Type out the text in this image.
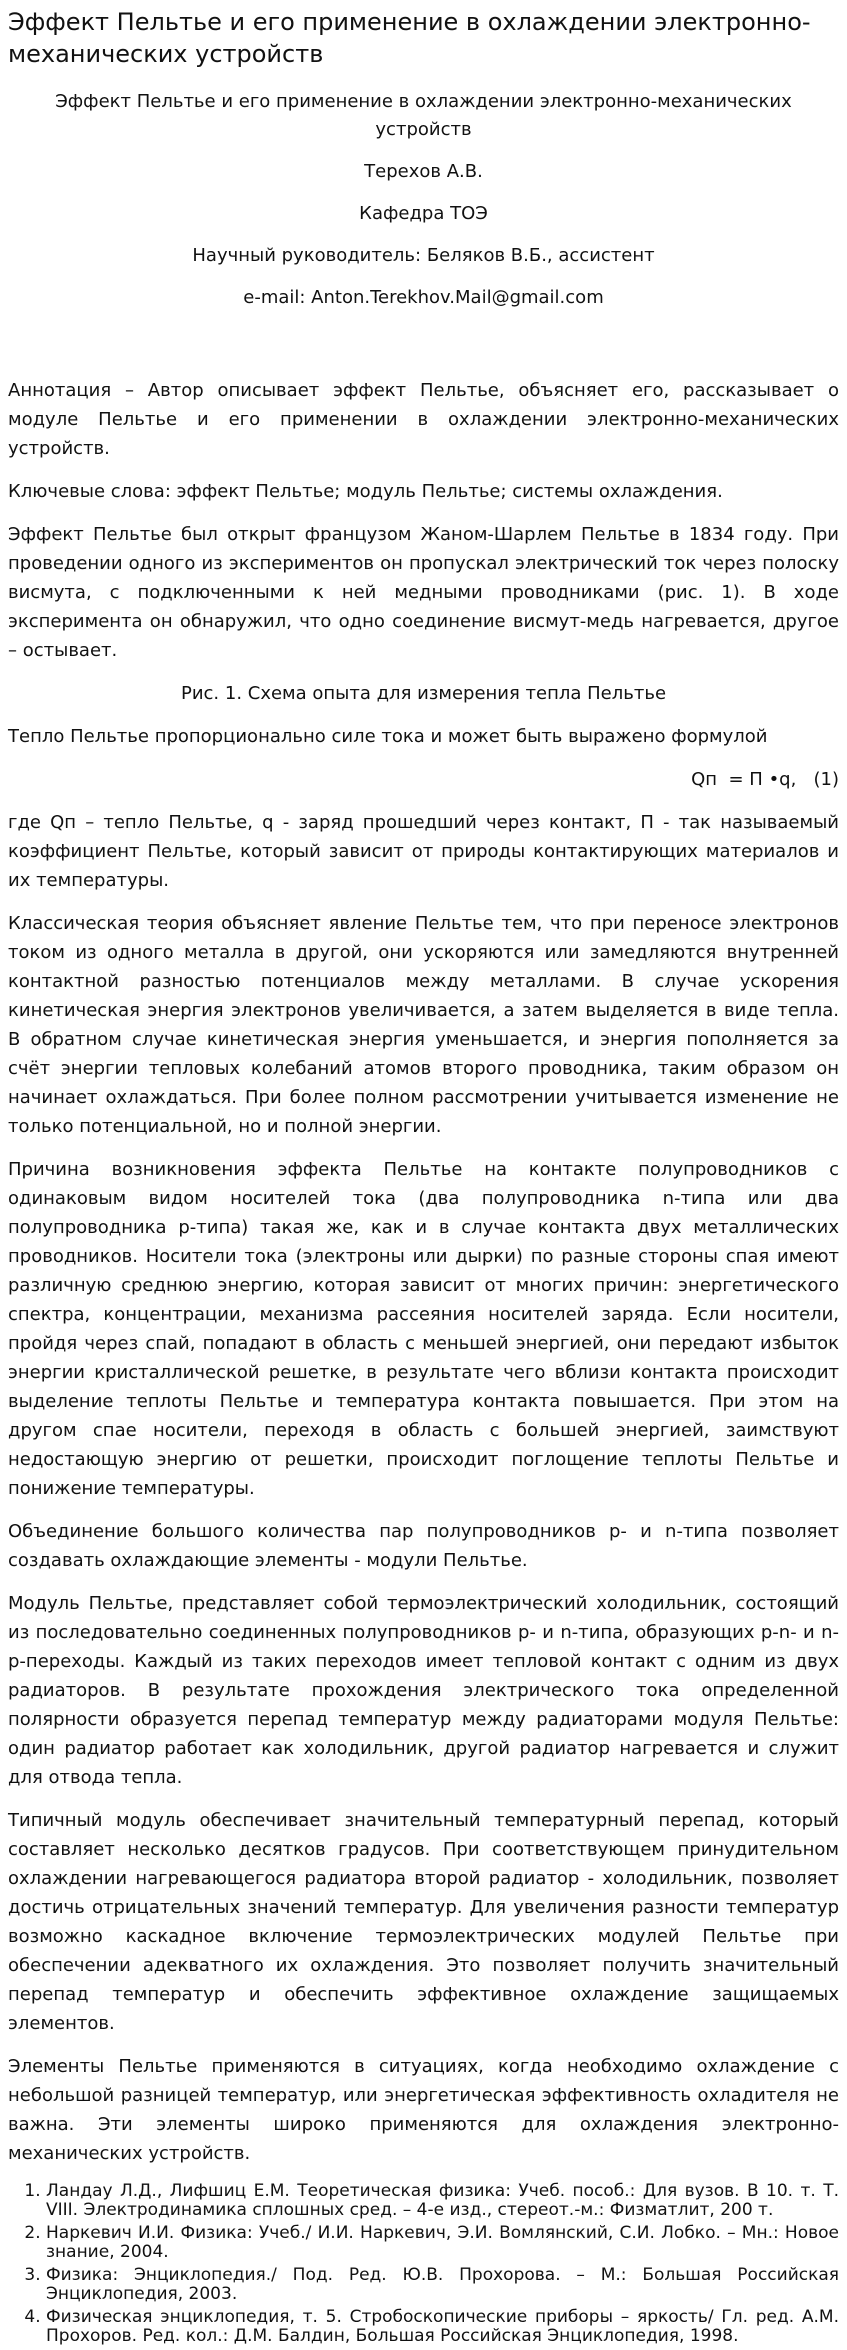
Эффект Пельтье и его применение в охлаждении электронно-механических устройств
Эффект Пельтье и его применение в охлаждении электронно-механических устройств
Терехов А.В.
Кафедра ТОЭ
Научный руководитель: Беляков В.Б., ассистент
e-mail: Anton.Terekhov.Mail@gmail.com

Аннотация – Автор описывает эффект Пельтье, объясняет его, рассказывает о модуле Пельтье и его применении в охлаждении электронно-механических устройств.

Ключевые слова: эффект Пельтье; модуль Пельтье; системы охлаждения.

Эффект Пельтье был открыт французом Жаном-Шарлем Пельтье в 1834 году. При проведении одного из экспериментов он пропускал электрический ток через полоску висмута, с подключенными к ней медными проводниками (рис. 1). В ходе эксперимента он обнаружил, что одно соединение висмут-медь нагревается, другое – остывает.

Рис. 1. Схема опыта для измерения тепла Пельтье

Тепло Пельтье пропорционально силе тока и может быть выражено формулой

Qп  = П •q,   (1)

где Qп – тепло Пельтье, q - заряд прошедший через контакт, П - так называемый коэффициент Пельтье, который зависит от природы контактирующих материалов и их температуры.

Классическая теория объясняет явление Пельтье тем, что при переносе электронов током из одного металла в другой, они ускоряются или замедляются внутренней контактной разностью потенциалов между металлами. В случае ускорения кинетическая энергия электронов увеличивается, а затем выделяется в виде тепла. В обратном случае кинетическая энергия уменьшается, и энергия пополняется за счёт энергии тепловых колебаний атомов второго проводника, таким образом он начинает охлаждаться. При более полном рассмотрении учитывается изменение не только потенциальной, но и полной энергии.

Причина возникновения эффекта Пельтье на контакте полупроводников с одинаковым видом носителей тока (два полупроводника n-типа или два полупроводника p-типа) такая же, как и в случае контакта двух металлических проводников. Носители тока (электроны или дырки) по разные стороны спая имеют различную среднюю энергию, которая зависит от многих причин: энергетического спектра, концентрации, механизма рассеяния носителей заряда. Если носители, пройдя через спай, попадают в область с меньшей энергией, они передают избыток энергии кристаллической решетке, в результате чего вблизи контакта происходит выделение теплоты Пельтье и температура контакта повышается. При этом на другом спае носители, переходя в область с большей энергией, заимствуют недостающую энергию от решетки, происходит поглощение теплоты Пельтье и понижение температуры.

Объединение большого количества пар полупроводников p- и n-типа позволяет создавать охлаждающие элементы - модули Пельтье.

Модуль Пельтье, представляет собой термоэлектрический холодильник, состоящий из последовательно соединенных полупроводников p- и n-типа, образующих p-n- и n-p-переходы. Каждый из таких переходов имеет тепловой контакт с одним из двух радиаторов. В результате прохождения электрического тока определенной полярности образуется перепад температур между радиаторами модуля Пельтье: один радиатор работает как холодильник, другой радиатор нагревается и служит для отвода тепла.

Типичный модуль обеспечивает значительный температурный перепад, который составляет несколько десятков градусов. При соответствующем принудительном охлаждении нагревающегося радиатора второй радиатор - холодильник, позволяет достичь отрицательных значений температур. Для увеличения разности температур возможно каскадное включение термоэлектрических модулей Пельтье при обеспечении адекватного их охлаждения. Это позволяет получить значительный перепад температур и обеспечить эффективное охлаждение защищаемых элементов.

Элементы Пельтье применяются в ситуациях, когда необходимо охлаждение с небольшой разницей температур, или энергетическая эффективность охладителя не важна. Эти элементы широко применяются для охлаждения электронно-механических устройств.

1. Ландау Л.Д., Лифшиц Е.М. Теоретическая физика: Учеб. пособ.: Для вузов. В 10. т. Т. VIII. Электродинамика сплошных сред. – 4-е изд., стереот.-м.: Физматлит, 200 т.
2. Наркевич И.И. Физика: Учеб./ И.И. Наркевич, Э.И. Вомлянский, С.И. Лобко. – Мн.: Новое знание, 2004.
3. Физика: Энциклопедия./ Под. Ред. Ю.В. Прохорова. – М.: Большая Российская Энциклопедия, 2003.
4. Физическая энциклопедия, т. 5. Стробоскопические приборы – яркость/ Гл. ред. А.М. Прохоров. Ред. кол.: Д.М. Балдин, Большая Российская Энциклопедия, 1998.
